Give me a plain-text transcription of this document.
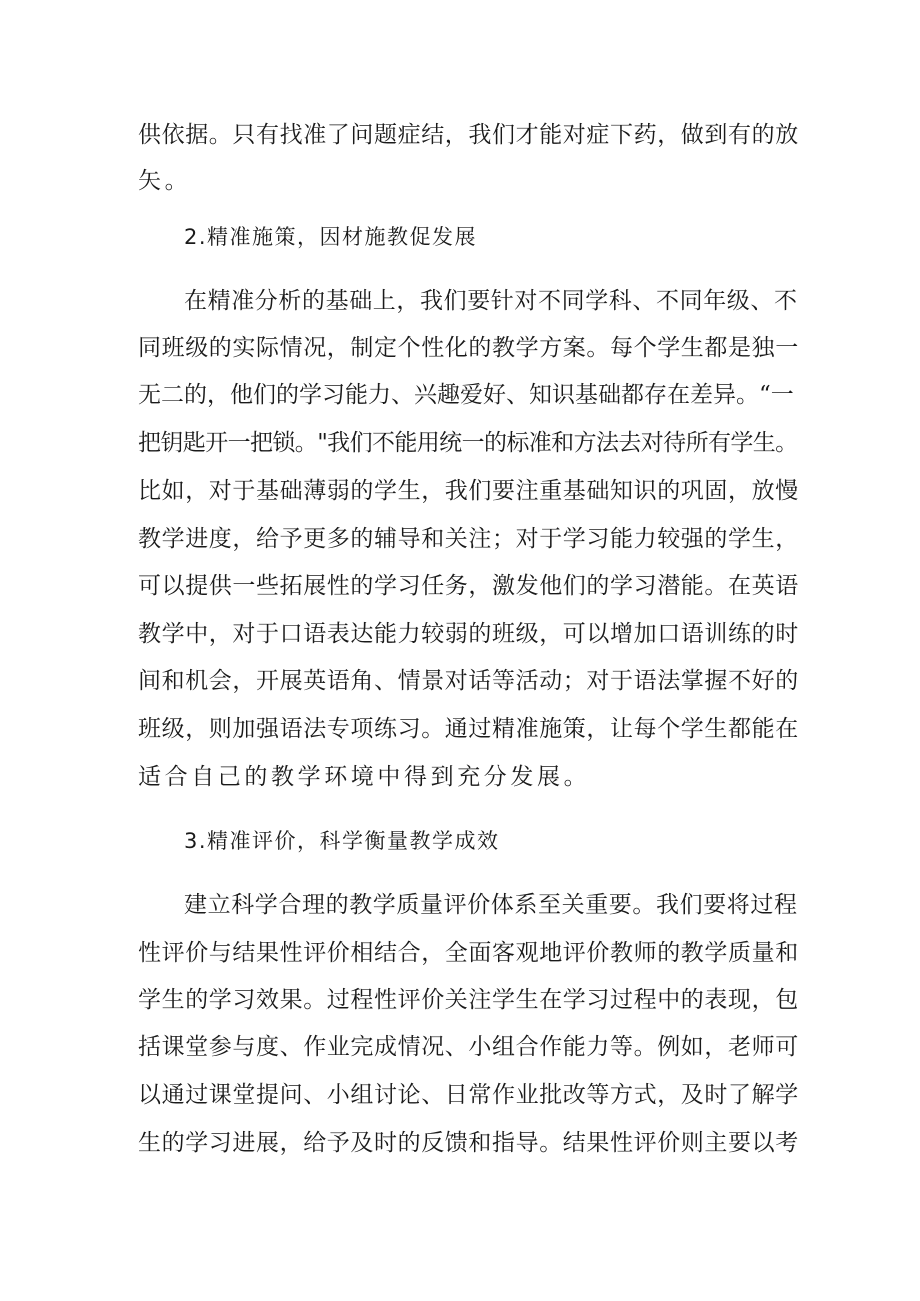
供依据。只有找准了问题症结，我们才能对症下药，做到有的放
矢。
2.精准施策，因材施教促发展
在精准分析的基础上，我们要针对不同学科、不同年级、不
同班级的实际情况，制定个性化的教学方案。每个学生都是独一
无二的，他们的学习能力、兴趣爱好、知识基础都存在差异。“一
把钥匙开一把锁。"我们不能用统一的标准和方法去对待所有学生。
比如，对于基础薄弱的学生，我们要注重基础知识的巩固，放慢
教学进度，给予更多的辅导和关注；对于学习能力较强的学生，
可以提供一些拓展性的学习任务，激发他们的学习潜能。在英语
教学中，对于口语表达能力较弱的班级，可以增加口语训练的时
间和机会，开展英语角、情景对话等活动；对于语法掌握不好的
班级，则加强语法专项练习。通过精准施策，让每个学生都能在
适合自己的教学环境中得到充分发展。
3.精准评价，科学衡量教学成效
建立科学合理的教学质量评价体系至关重要。我们要将过程
性评价与结果性评价相结合，全面客观地评价教师的教学质量和
学生的学习效果。过程性评价关注学生在学习过程中的表现，包
括课堂参与度、作业完成情况、小组合作能力等。例如，老师可
以通过课堂提问、小组讨论、日常作业批改等方式，及时了解学
生的学习进展，给予及时的反馈和指导。结果性评价则主要以考
